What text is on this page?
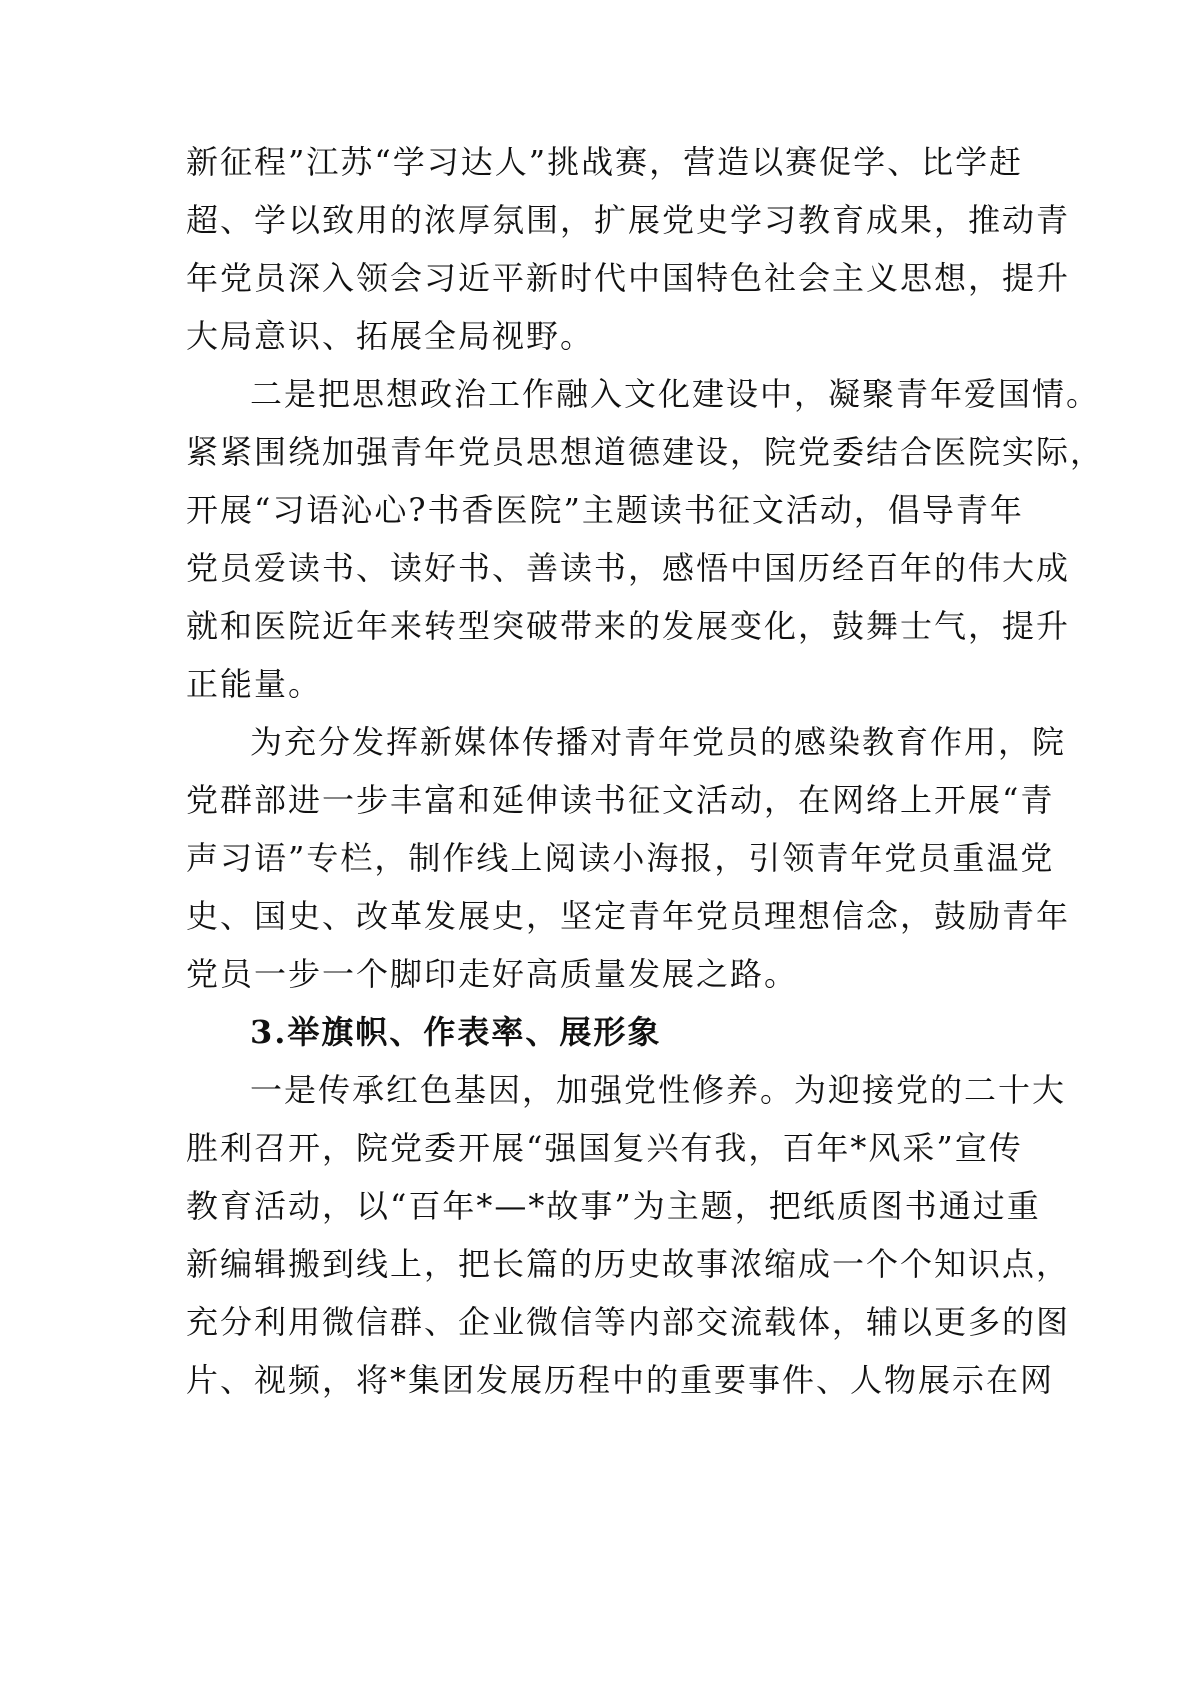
新征程”江苏“学习达人”挑战赛，营造以赛促学、比学赶
超、学以致用的浓厚氛围，扩展党史学习教育成果，推动青
年党员深入领会习近平新时代中国特色社会主义思想，提升
大局意识、拓展全局视野。
二是把思想政治工作融入文化建设中，凝聚青年爱国情。
紧紧围绕加强青年党员思想道德建设，院党委结合医院实际，
开展“习语沁心?书香医院”主题读书征文活动，倡导青年
党员爱读书、读好书、善读书，感悟中国历经百年的伟大成
就和医院近年来转型突破带来的发展变化，鼓舞士气，提升
正能量。
为充分发挥新媒体传播对青年党员的感染教育作用，院
党群部进一步丰富和延伸读书征文活动，在网络上开展“青
声习语”专栏，制作线上阅读小海报，引领青年党员重温党
史、国史、改革发展史，坚定青年党员理想信念，鼓励青年
党员一步一个脚印走好高质量发展之路。
3.举旗帜、作表率、展形象
一是传承红色基因，加强党性修养。为迎接党的二十大
胜利召开，院党委开展“强国复兴有我，百年*风采”宣传
教育活动，以“百年*—*故事”为主题，把纸质图书通过重
新编辑搬到线上，把长篇的历史故事浓缩成一个个知识点，
充分利用微信群、企业微信等内部交流载体，辅以更多的图
片、视频，将*集团发展历程中的重要事件、人物展示在网
